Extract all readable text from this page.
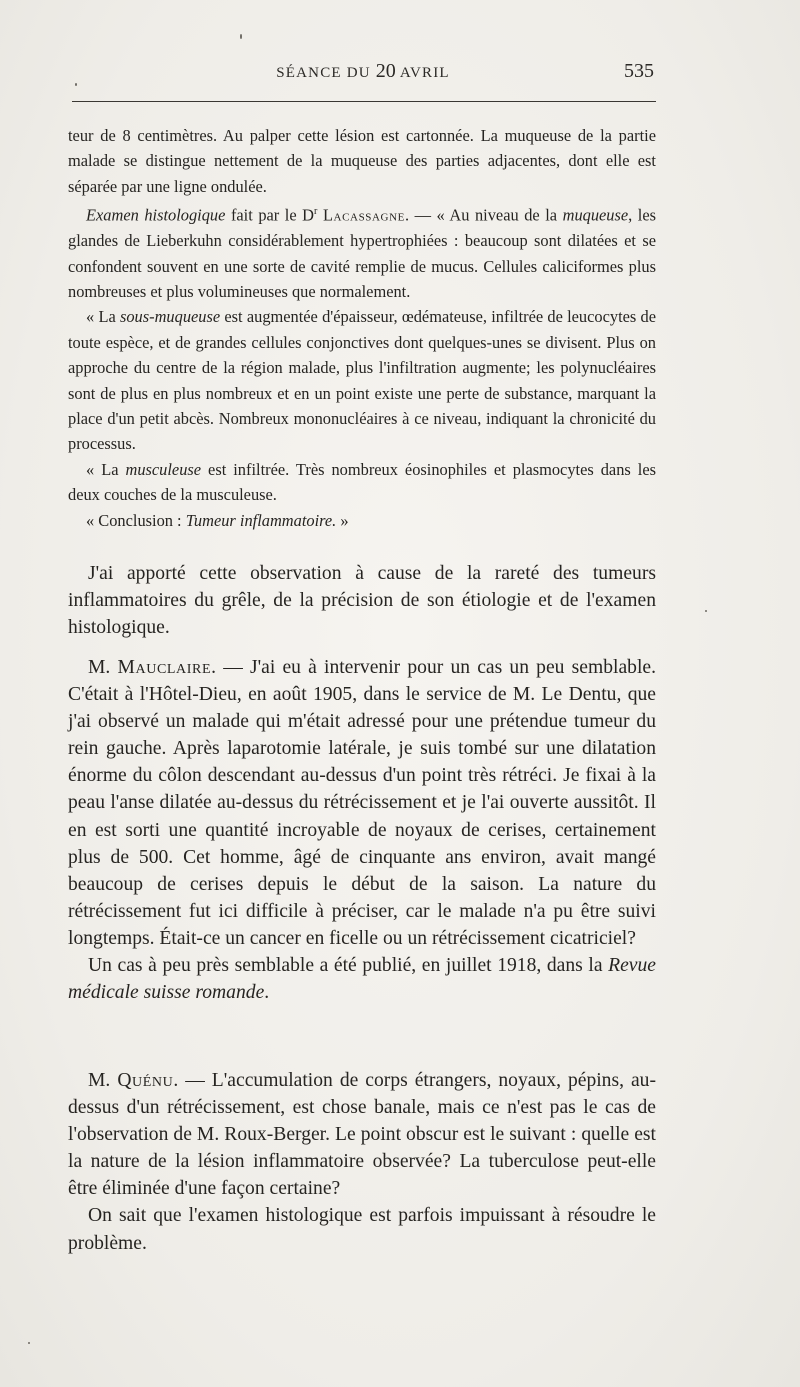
SÉANCE DU 20 AVRIL	535

teur de 8 centimètres. Au palper cette lésion est cartonnée. La muqueuse de la partie malade se distingue nettement de la muqueuse des parties adjacentes, dont elle est séparée par une ligne ondulée.

Examen histologique fait par le $D^r$ Lacassagne. — « Au niveau de la muqueuse, les glandes de Lieberkuhn considérablement hypertrophiées : beaucoup sont dilatées et se confondent souvent en une sorte de cavité remplie de mucus. Cellules caliciformes plus nombreuses et plus volumineuses que normalement.

« La sous-muqueuse est augmentée d'épaisseur, œdémateuse, infiltrée de leucocytes de toute espèce, et de grandes cellules conjonctives dont quelques-unes se divisent. Plus on approche du centre de la région malade, plus l'infiltration augmente; les polynucléaires sont de plus en plus nombreux et en un point existe une perte de substance, marquant la place d'un petit abcès. Nombreux mononucléaires à ce niveau, indiquant la chronicité du processus.

« La musculeuse est infiltrée. Très nombreux éosinophiles et plasmocytes dans les deux couches de la musculeuse.

« Conclusion : Tumeur inflammatoire. »

J'ai apporté cette observation à cause de la rareté des tumeurs inflammatoires du grêle, de la précision de son étiologie et de l'examen histologique.

M. Mauclaire. — J'ai eu à intervenir pour un cas un peu semblable. C'était à l'Hôtel-Dieu, en août 1905, dans le service de M. Le Dentu, que j'ai observé un malade qui m'était adressé pour une prétendue tumeur du rein gauche. Après laparotomie latérale, je suis tombé sur une dilatation énorme du côlon descendant au-dessus d'un point très rétréci. Je fixai à la peau l'anse dilatée au-dessus du rétrécissement et je l'ai ouverte aussitôt. Il en est sorti une quantité incroyable de noyaux de cerises, certainement plus de 500. Cet homme, âgé de cinquante ans environ, avait mangé beaucoup de cerises depuis le début de la saison. La nature du rétrécissement fut ici difficile à préciser, car le malade n'a pu être suivi longtemps. Était-ce un cancer en ficelle ou un rétrécissement cicatriciel?

Un cas à peu près semblable a été publié, en juillet 1918, dans la Revue médicale suisse romande.

M. Quénu. — L'accumulation de corps étrangers, noyaux, pépins, au-dessus d'un rétrécissement, est chose banale, mais ce n'est pas le cas de l'observation de M. Roux-Berger. Le point obscur est le suivant : quelle est la nature de la lésion inflammatoire observée? La tuberculose peut-elle être éliminée d'une façon certaine?

On sait que l'examen histologique est parfois impuissant à résoudre le problème.
